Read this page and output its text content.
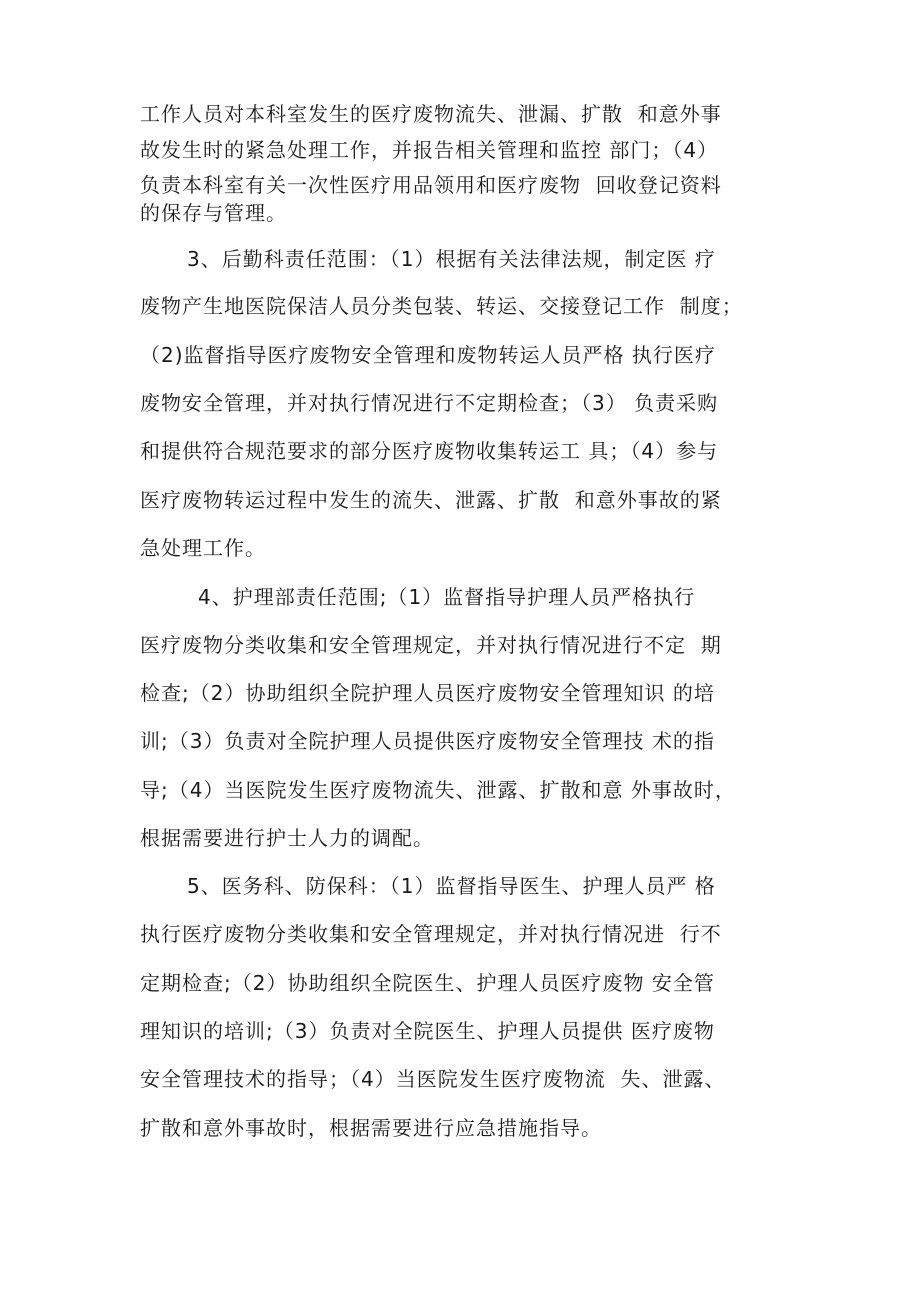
工作人员对本科室发生的医疗废物流失、泄漏、扩散  和意外事
故发生时的紧急处理工作，并报告相关管理和监控 部门；（4）
负责本科室有关一次性医疗用品领用和医疗废物  回收登记资料
的保存与管理。
3、后勤科责任范围：（1）根据有关法律法规，制定医 疗
废物产生地医院保洁人员分类包装、转运、交接登记工作  制度；
（2)监督指导医疗废物安全管理和废物转运人员严格 执行医疗
废物安全管理，并对执行情况进行不定期检查；（3） 负责采购
和提供符合规范要求的部分医疗废物收集转运工 具；（4）参与
医疗废物转运过程中发生的流失、泄露、扩散  和意外事故的紧
急处理工作。
4、护理部责任范围;（1）监督指导护理人员严格执行
医疗废物分类收集和安全管理规定，并对执行情况进行不定  期
检查;（2）协助组织全院护理人员医疗废物安全管理知识 的培
训;（3）负责对全院护理人员提供医疗废物安全管理技 术的指
导;（4）当医院发生医疗废物流失、泄露、扩散和意 外事故时，
根据需要进行护士人力的调配。
5、医务科、防保科：（1）监督指导医生、护理人员严 格
执行医疗废物分类收集和安全管理规定，并对执行情况进  行不
定期检查;（2）协助组织全院医生、护理人员医疗废物 安全管
理知识的培训;（3）负责对全院医生、护理人员提供 医疗废物
安全管理技术的指导；（4）当医院发生医疗废物流  失、泄露、
扩散和意外事故时，根据需要进行应急措施指导。
